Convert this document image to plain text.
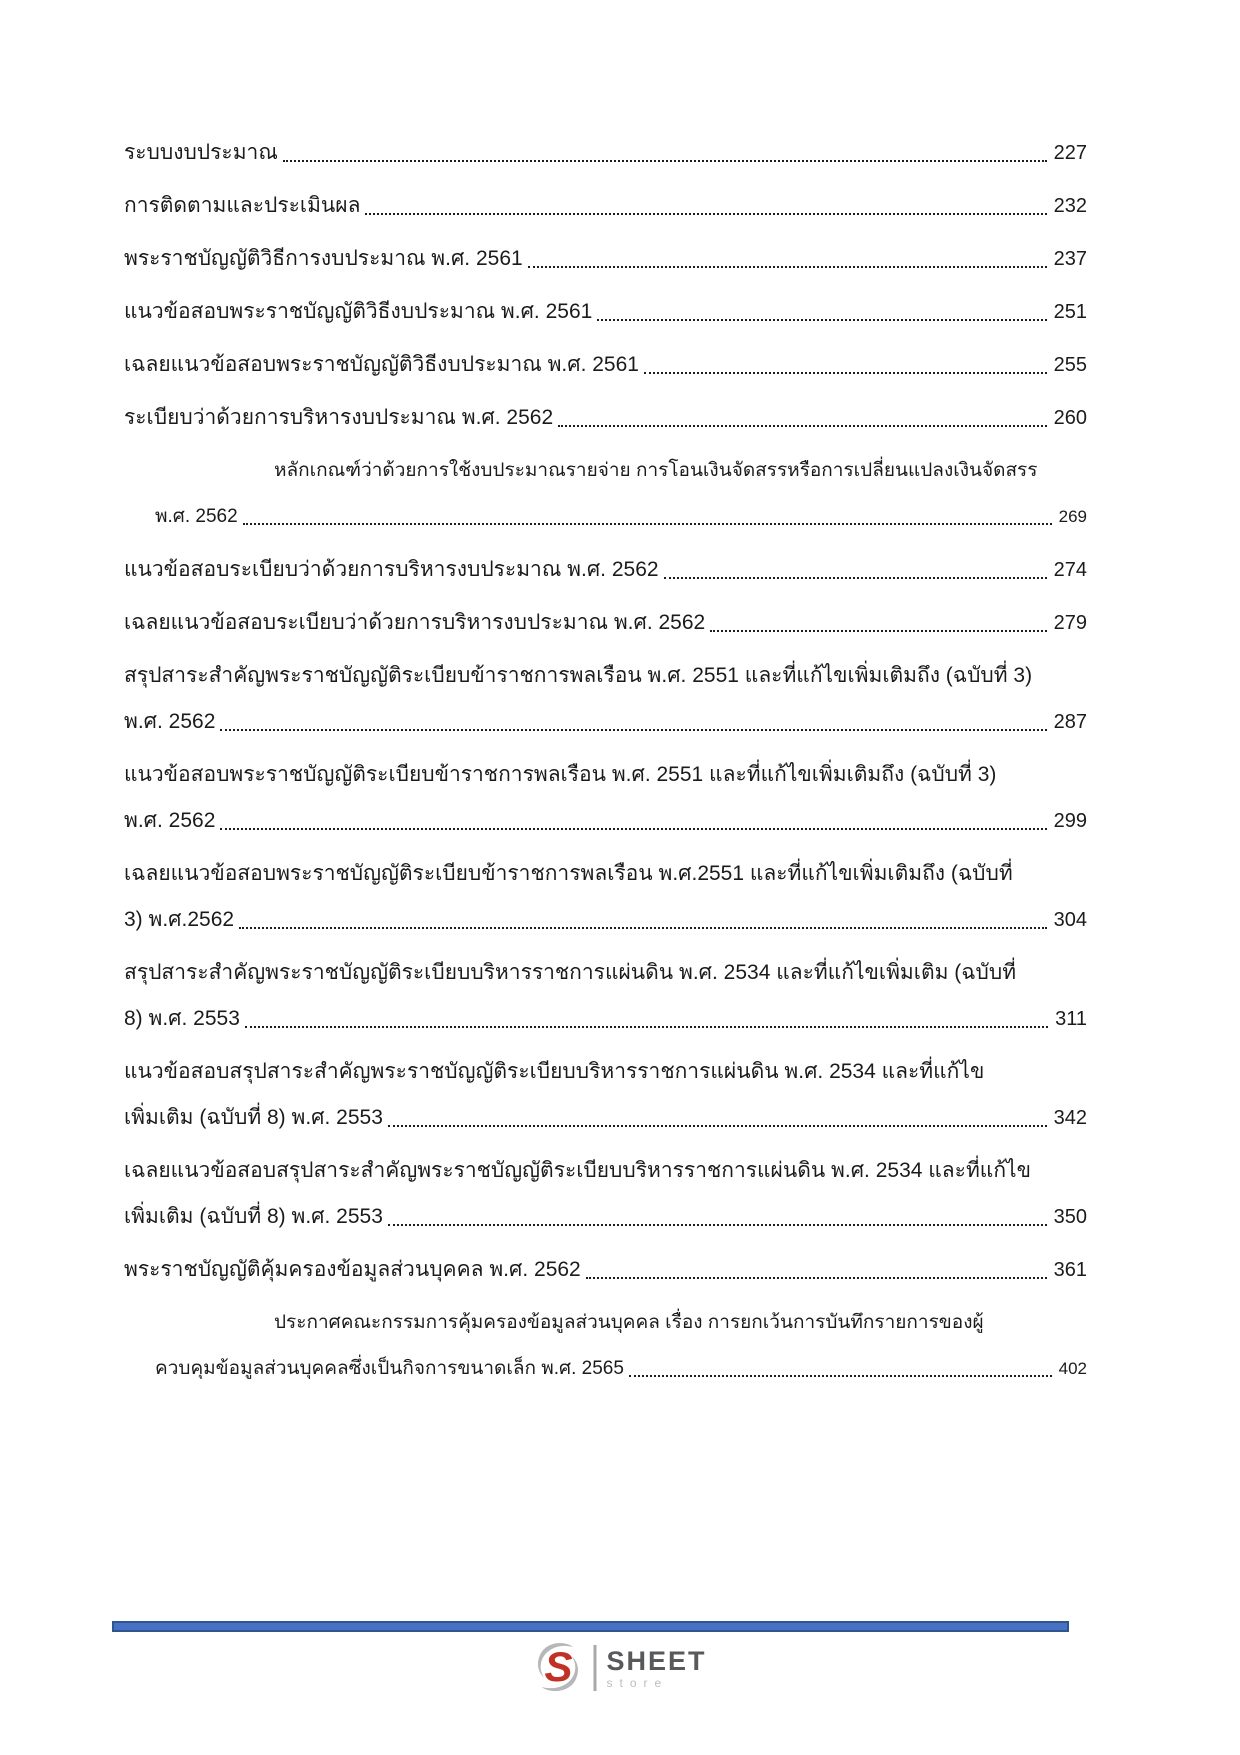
ระบบงบประมาณ	227
การติดตามและประเมินผล	232
พระราชบัญญัติวิธีการงบประมาณ พ.ศ. 2561	237
แนวข้อสอบพระราชบัญญัติวิธีงบประมาณ พ.ศ. 2561	251
เฉลยแนวข้อสอบพระราชบัญญัติวิธีงบประมาณ พ.ศ. 2561	255
ระเบียบว่าด้วยการบริหารงบประมาณ พ.ศ. 2562	260
หลักเกณฑ์ว่าด้วยการใช้งบประมาณรายจ่าย การโอนเงินจัดสรรหรือการเปลี่ยนแปลงเงินจัดสรร
พ.ศ. 2562	269
แนวข้อสอบระเบียบว่าด้วยการบริหารงบประมาณ พ.ศ. 2562	274
เฉลยแนวข้อสอบระเบียบว่าด้วยการบริหารงบประมาณ พ.ศ. 2562	279
สรุปสาระสำคัญพระราชบัญญัติระเบียบข้าราชการพลเรือน พ.ศ. 2551 และที่แก้ไขเพิ่มเติมถึง (ฉบับที่ 3)
พ.ศ. 2562	287
แนวข้อสอบพระราชบัญญัติระเบียบข้าราชการพลเรือน พ.ศ. 2551 และที่แก้ไขเพิ่มเติมถึง (ฉบับที่ 3)
พ.ศ. 2562	299
เฉลยแนวข้อสอบพระราชบัญญัติระเบียบข้าราชการพลเรือน พ.ศ.2551 และที่แก้ไขเพิ่มเติมถึง (ฉบับที่
3) พ.ศ.2562	304
สรุปสาระสำคัญพระราชบัญญัติระเบียบบริหารราชการแผ่นดิน พ.ศ. 2534 และที่แก้ไขเพิ่มเติม (ฉบับที่
8) พ.ศ. 2553	311
แนวข้อสอบสรุปสาระสำคัญพระราชบัญญัติระเบียบบริหารราชการแผ่นดิน พ.ศ. 2534 และที่แก้ไข
เพิ่มเติม (ฉบับที่ 8) พ.ศ. 2553	342
เฉลยแนวข้อสอบสรุปสาระสำคัญพระราชบัญญัติระเบียบบริหารราชการแผ่นดิน พ.ศ. 2534 และที่แก้ไข
เพิ่มเติม (ฉบับที่ 8) พ.ศ. 2553	350
พระราชบัญญัติคุ้มครองข้อมูลส่วนบุคคล พ.ศ. 2562	361
ประกาศคณะกรรมการคุ้มครองข้อมูลส่วนบุคคล เรื่อง การยกเว้นการบันทึกรายการของผู้
ควบคุมข้อมูลส่วนบุคคลซึ่งเป็นกิจการขนาดเล็ก พ.ศ. 2565	402
S SHEET
store
